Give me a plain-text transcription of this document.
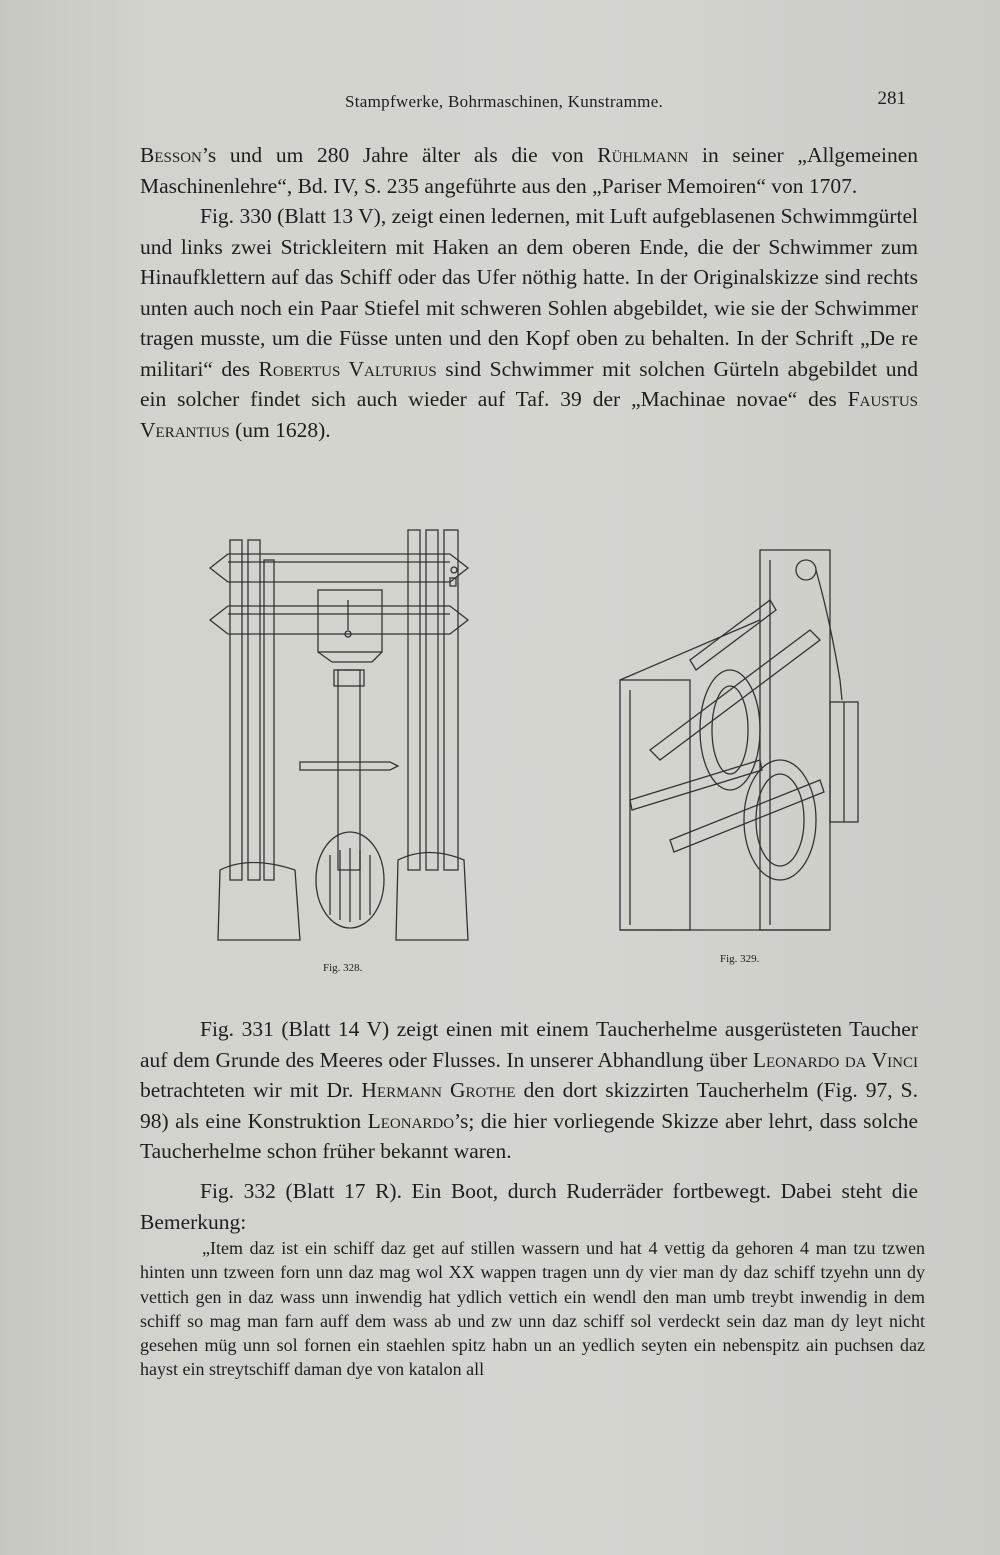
Stampfwerke, Bohrmaschinen, Kunstramme.	281

Besson’s und um 280 Jahre älter als die von Rühlmann in seiner „Allgemeinen Maschinenlehre“, Bd. IV, S. 235 angeführte aus den „Pariser Memoiren“ von 1707.

Fig. 330 (Blatt 13 V), zeigt einen ledernen, mit Luft aufgeblasenen Schwimmgürtel und links zwei Strickleitern mit Haken an dem oberen Ende, die der Schwimmer zum Hinaufklettern auf das Schiff oder das Ufer nöthig hatte. In der Originalskizze sind rechts unten auch noch ein Paar Stiefel mit schweren Sohlen abgebildet, wie sie der Schwimmer tragen musste, um die Füsse unten und den Kopf oben zu behalten. In der Schrift „De re militari“ des Robertus Valturius sind Schwimmer mit solchen Gürteln abgebildet und ein solcher findet sich auch wieder auf Taf. 39 der „Machinae novae“ des Faustus Verantius (um 1628).

Fig. 328.
Fig. 329.

Fig. 331 (Blatt 14 V) zeigt einen mit einem Taucherhelme ausgerüsteten Taucher auf dem Grunde des Meeres oder Flusses. In unserer Abhandlung über Leonardo da Vinci betrachteten wir mit Dr. Hermann Grothe den dort skizzirten Taucherhelm (Fig. 97, S. 98) als eine Konstruktion Leonardo’s; die hier vorliegende Skizze aber lehrt, dass solche Taucherhelme schon früher bekannt waren.

Fig. 332 (Blatt 17 R). Ein Boot, durch Ruderräder fortbewegt. Dabei steht die Bemerkung:

„Item daz ist ein schiff daz get auf stillen wassern und hat 4 vettig da gehoren 4 man tzu tzwen hinten unn tzween forn unn daz mag wol XX wappen tragen unn dy vier man dy daz schiff tzyehn unn dy vettich gen in daz wass unn inwendig hat ydlich vettich ein wendl den man umb treybt inwendig in dem schiff so mag man farn auff dem wass ab und zw unn daz schiff sol verdeckt sein daz man dy leyt nicht gesehen müg unn sol fornen ein staehlen spitz habn un an yedlich seyten ein nebenspitz ain puchsen daz hayst ein streytschiff daman dye von katalon all
